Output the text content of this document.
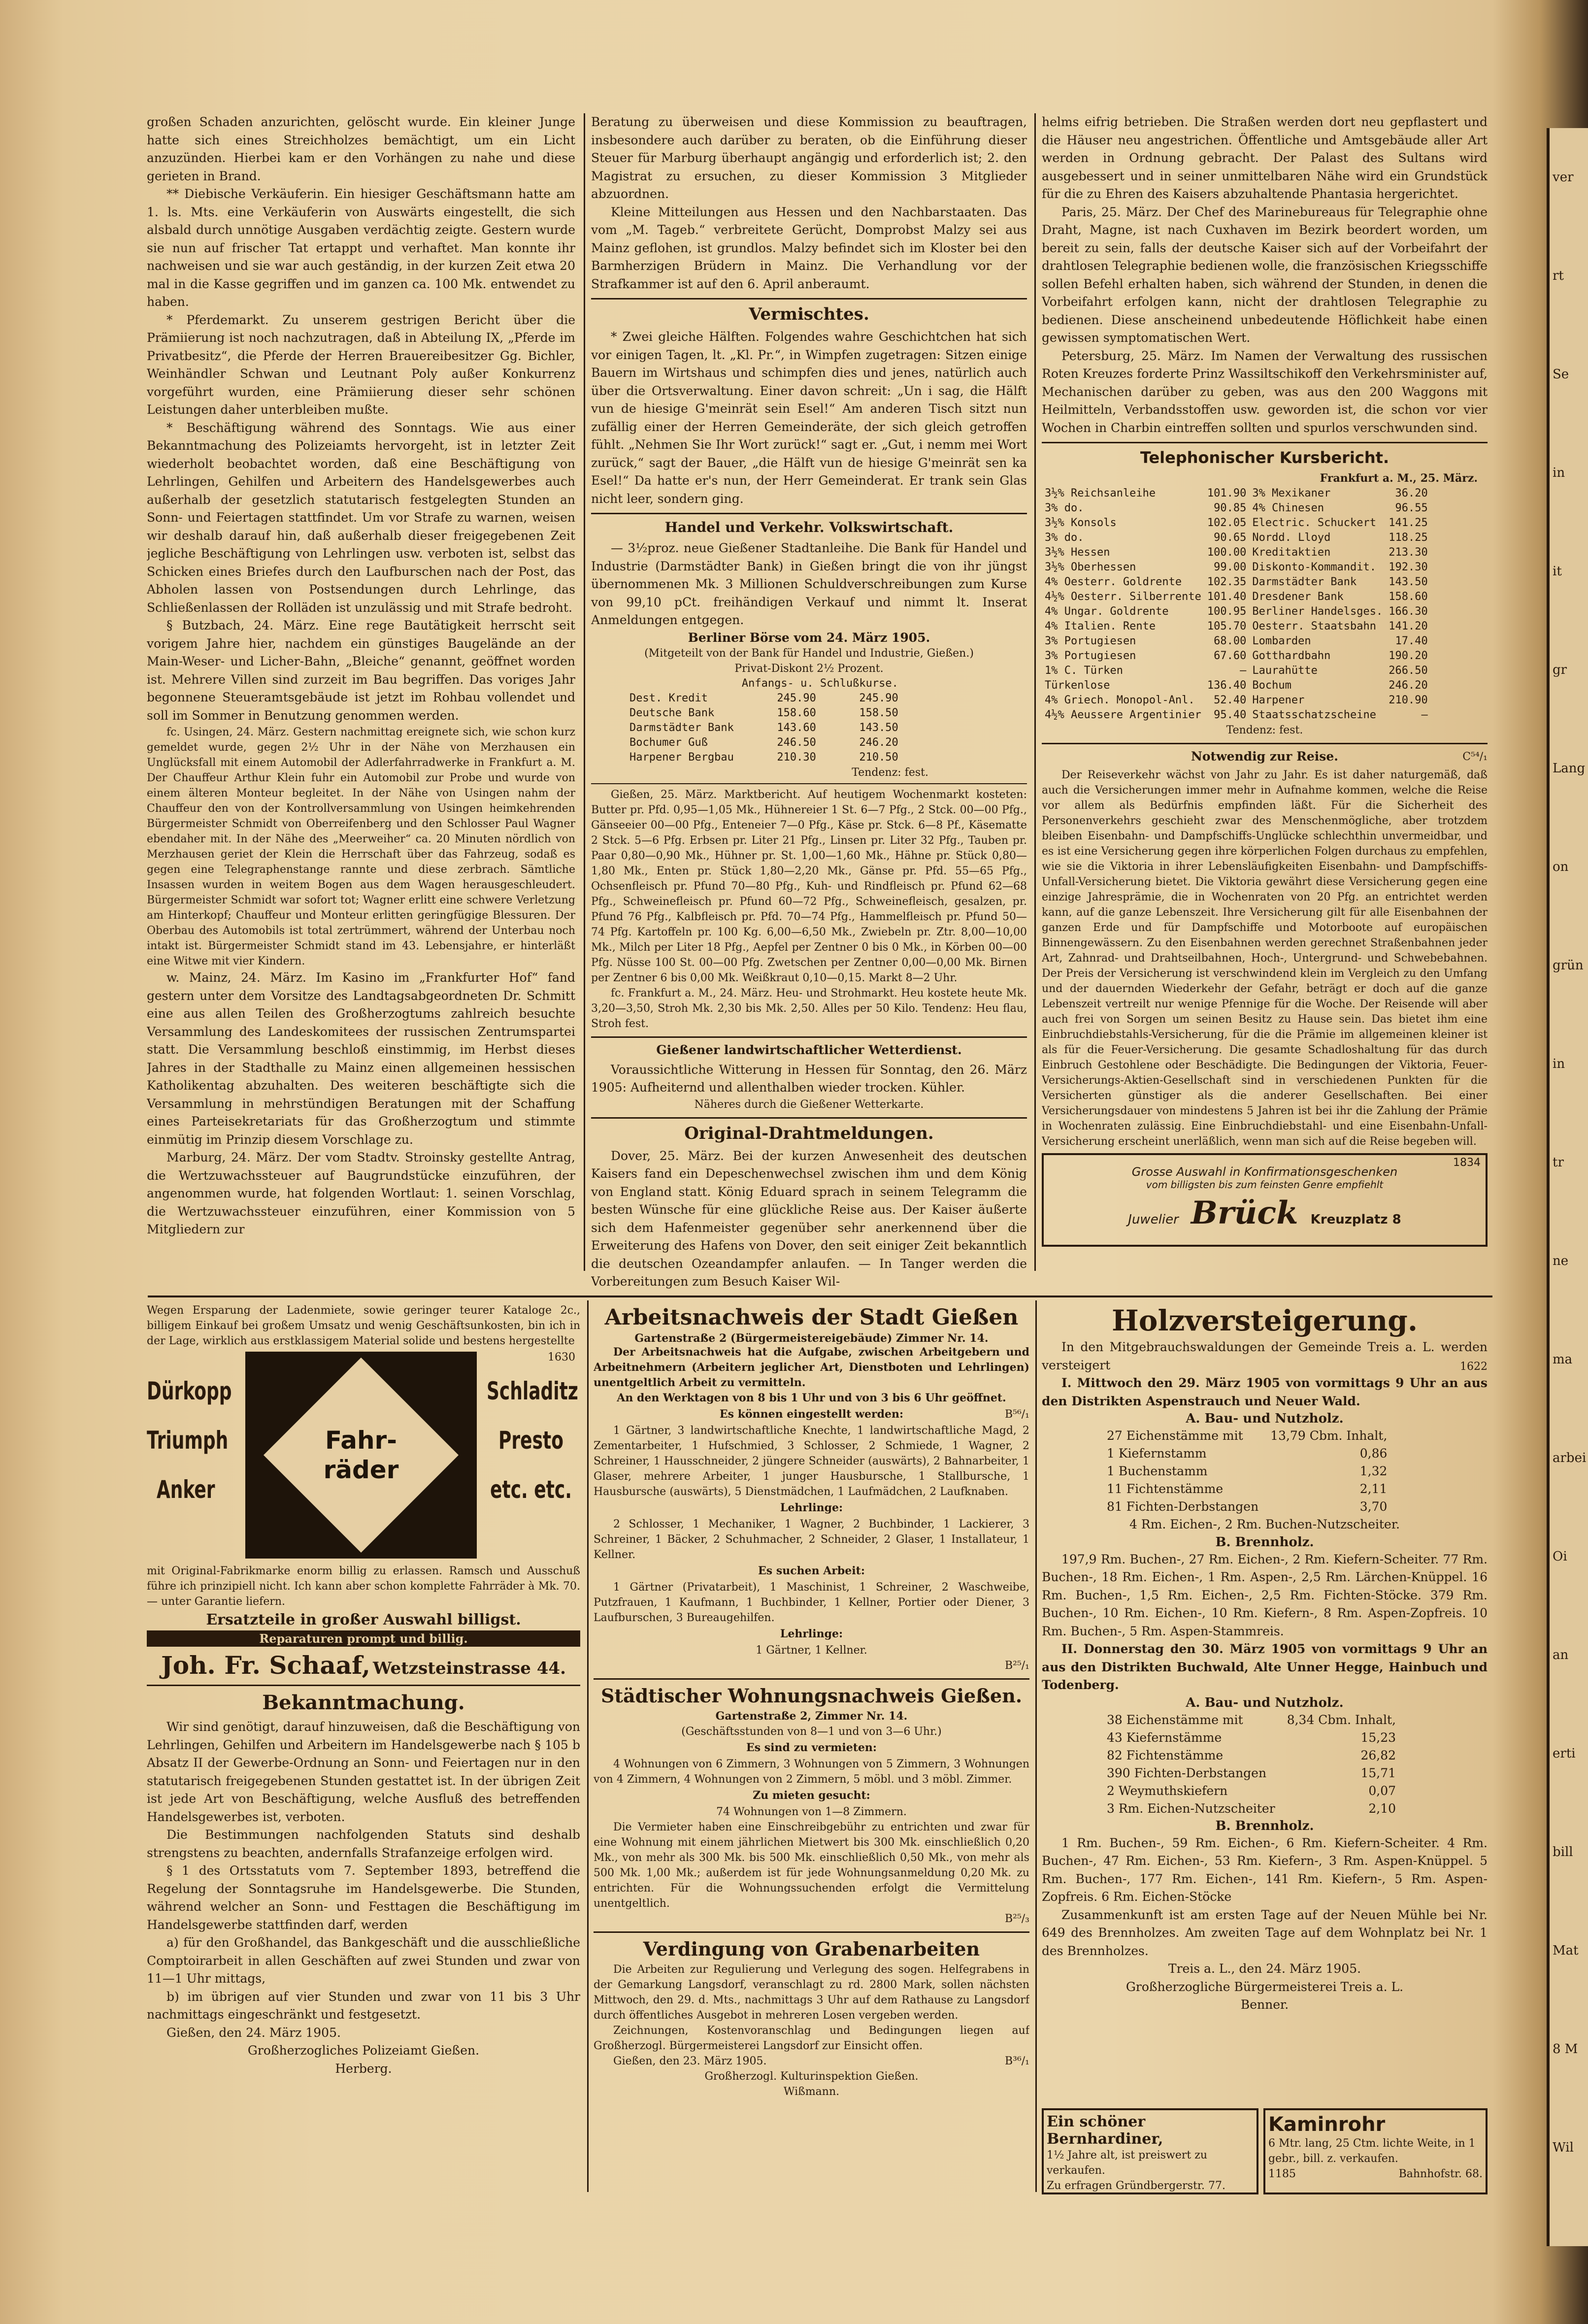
großen Schaden anzurichten, gelöscht wurde. Ein kleiner Junge hatte sich eines Streichholzes bemächtigt, um ein Licht anzuzünden. Hierbei kam er den Vorhängen zu nahe und diese gerieten in Brand.

** Diebische Verkäuferin. Ein hiesiger Geschäftsmann hatte am 1. ls. Mts. eine Verkäuferin von Auswärts eingestellt, die sich alsbald durch unnötige Ausgaben verdächtig zeigte. Gestern wurde sie nun auf frischer Tat ertappt und verhaftet. Man konnte ihr nachweisen und sie war auch geständig, in der kurzen Zeit etwa 20 mal in die Kasse gegriffen und im ganzen ca. 100 Mk. entwendet zu haben.

* Pferdemarkt. Zu unserem gestrigen Bericht über die Prämiierung ist noch nachzutragen, daß in Abteilung IX, „Pferde im Privatbesitz“, die Pferde der Herren Brauereibesitzer Gg. Bichler, Weinhändler Schwan und Leutnant Poly außer Konkurrenz vorgeführt wurden, eine Prämiierung dieser sehr schönen Leistungen daher unterbleiben mußte.

* Beschäftigung während des Sonntags. Wie aus einer Bekanntmachung des Polizeiamts hervorgeht, ist in letzter Zeit wiederholt beobachtet worden, daß eine Beschäftigung von Lehrlingen, Gehilfen und Arbeitern des Handelsgewerbes auch außerhalb der gesetzlich statutarisch festgelegten Stunden an Sonn- und Feiertagen stattfindet. Um vor Strafe zu warnen, weisen wir deshalb darauf hin, daß außerhalb dieser freigegebenen Zeit jegliche Beschäftigung von Lehrlingen usw. verboten ist, selbst das Schicken eines Briefes durch den Laufburschen nach der Post, das Abholen lassen von Postsendungen durch Lehrlinge, das Schließenlassen der Rolläden ist unzulässig und mit Strafe bedroht.

§ Butzbach, 24. März. Eine rege Bautätigkeit herrscht seit vorigem Jahre hier, nachdem ein günstiges Baugelände an der Main-Weser- und Licher-Bahn, „Bleiche“ genannt, geöffnet worden ist. Mehrere Villen sind zurzeit im Bau begriffen. Das voriges Jahr begonnene Steueramtsgebäude ist jetzt im Rohbau vollendet und soll im Sommer in Benutzung genommen werden.

fc. Usingen, 24. März. Gestern nachmittag ereignete sich, wie schon kurz gemeldet wurde, gegen 2½ Uhr in der Nähe von Merzhausen ein Unglücksfall mit einem Automobil der Adlerfahrradwerke in Frankfurt a. M. Der Chauffeur Arthur Klein fuhr ein Automobil zur Probe und wurde von einem älteren Monteur begleitet. In der Nähe von Usingen nahm der Chauffeur den von der Kontrollversammlung von Usingen heimkehrenden Bürgermeister Schmidt von Oberreifenberg und den Schlosser Paul Wagner ebendaher mit. In der Nähe des „Meerweiher“ ca. 20 Minuten nördlich von Merzhausen geriet der Klein die Herrschaft über das Fahrzeug, sodaß es gegen eine Telegraphenstange rannte und diese zerbrach. Sämtliche Insassen wurden in weitem Bogen aus dem Wagen herausgeschleudert. Bürgermeister Schmidt war sofort tot; Wagner erlitt eine schwere Verletzung am Hinterkopf; Chauffeur und Monteur erlitten geringfügige Blessuren. Der Oberbau des Automobils ist total zertrümmert, während der Unterbau noch intakt ist. Bürgermeister Schmidt stand im 43. Lebensjahre, er hinterläßt eine Witwe mit vier Kindern.

w. Mainz, 24. März. Im Kasino im „Frankfurter Hof“ fand gestern unter dem Vorsitze des Landtagsabgeordneten Dr. Schmitt eine aus allen Teilen des Großherzogtums zahlreich besuchte Versammlung des Landeskomitees der russischen Zentrumspartei statt. Die Versammlung beschloß einstimmig, im Herbst dieses Jahres in der Stadthalle zu Mainz einen allgemeinen hessischen Katholikentag abzuhalten. Des weiteren beschäftigte sich die Versammlung in mehrstündigen Beratungen mit der Schaffung eines Parteisekretariats für das Großherzogtum und stimmte einmütig im Prinzip diesem Vorschlage zu.

Marburg, 24. März. Der vom Stadtv. Stroinsky gestellte Antrag, die Wertzuwachssteuer auf Baugrundstücke einzuführen, der angenommen wurde, hat folgenden Wortlaut: 1. seinen Vorschlag, die Wertzuwachssteuer einzuführen, einer Kommission von 5 Mitgliedern zur

Beratung zu überweisen und diese Kommission zu beauftragen, insbesondere auch darüber zu beraten, ob die Einführung dieser Steuer für Marburg überhaupt angängig und erforderlich ist; 2. den Magistrat zu ersuchen, zu dieser Kommission 3 Mitglieder abzuordnen.

Kleine Mitteilungen aus Hessen und den Nachbarstaaten. Das vom „M. Tageb.“ verbreitete Gerücht, Domprobst Malzy sei aus Mainz geflohen, ist grundlos. Malzy befindet sich im Kloster bei den Barmherzigen Brüdern in Mainz. Die Verhandlung vor der Strafkammer ist auf den 6. April anberaumt.

Vermischtes.

* Zwei gleiche Hälften. Folgendes wahre Geschichtchen hat sich vor einigen Tagen, lt. „Kl. Pr.“, in Wimpfen zugetragen: Sitzen einige Bauern im Wirtshaus und schimpfen dies und jenes, natürlich auch über die Ortsverwaltung. Einer davon schreit: „Un i sag, die Hälft vun de hiesige G'meinrät sein Esel!“ Am anderen Tisch sitzt nun zufällig einer der Herren Gemeinderäte, der sich gleich getroffen fühlt. „Nehmen Sie Ihr Wort zurück!“ sagt er. „Gut, i nemm mei Wort zurück,“ sagt der Bauer, „die Hälft vun de hiesige G'meinrät sen ka Esel!“ Da hatte er's nun, der Herr Gemeinderat. Er trank sein Glas nicht leer, sondern ging.

Handel und Verkehr. Volkswirtschaft.

— 3½proz. neue Gießener Stadtanleihe. Die Bank für Handel und Industrie (Darmstädter Bank) in Gießen bringt die von ihr jüngst übernommenen Mk. 3 Millionen Schuldverschreibungen zum Kurse von 99,10 pCt. freihändigen Verkauf und nimmt lt. Inserat Anmeldungen entgegen.

Berliner Börse vom 24. März 1905.
(Mitgeteilt von der Bank für Handel und Industrie, Gießen.)
Privat-Diskont 2½ Prozent.
	Anfangs- u. Schlußkurse.	
Dest. Kredit	245.90	245.90
Deutsche Bank	158.60	158.50
Darmstädter Bank	143.60	143.50
Bochumer Guß	246.50	246.20
Harpener Bergbau	210.30	210.50
Tendenz: fest.

Gießen, 25. März. Marktbericht. Auf heutigem Wochenmarkt kosteten: Butter pr. Pfd. 0,95—1,05 Mk., Hühnereier 1 St. 6—7 Pfg., 2 Stck. 00—00 Pfg., Gänseeier 00—00 Pfg., Enteneier 7—0 Pfg., Käse pr. Stck. 6—8 Pf., Käsematte 2 Stck. 5—6 Pfg. Erbsen pr. Liter 21 Pfg., Linsen pr. Liter 32 Pfg., Tauben pr. Paar 0,80—0,90 Mk., Hühner pr. St. 1,00—1,60 Mk., Hähne pr. Stück 0,80—1,80 Mk., Enten pr. Stück 1,80—2,20 Mk., Gänse pr. Pfd. 55—65 Pfg., Ochsenfleisch pr. Pfund 70—80 Pfg., Kuh- und Rindfleisch pr. Pfund 62—68 Pfg., Schweinefleisch pr. Pfund 60—72 Pfg., Schweinefleisch, gesalzen, pr. Pfund 76 Pfg., Kalbfleisch pr. Pfd. 70—74 Pfg., Hammelfleisch pr. Pfund 50—74 Pfg. Kartoffeln pr. 100 Kg. 6,00—6,50 Mk., Zwiebeln pr. Ztr. 8,00—10,00 Mk., Milch per Liter 18 Pfg., Aepfel per Zentner 0 bis 0 Mk., in Körben 00—00 Pfg. Nüsse 100 St. 00—00 Pfg. Zwetschen per Zentner 0,00—0,00 Mk. Birnen per Zentner 6 bis 0,00 Mk. Weißkraut 0,10—0,15. Markt 8—2 Uhr.

fc. Frankfurt a. M., 24. März. Heu- und Strohmarkt. Heu kostete heute Mk. 3,20—3,50, Stroh Mk. 2,30 bis Mk. 2,50. Alles per 50 Kilo. Tendenz: Heu flau, Stroh fest.

Gießener landwirtschaftlicher Wetterdienst.

Voraussichtliche Witterung in Hessen für Sonntag, den 26. März 1905: Aufheiternd und allenthalben wieder trocken. Kühler.

Näheres durch die Gießener Wetterkarte.
Original-Drahtmeldungen.

Dover, 25. März. Bei der kurzen Anwesenheit des deutschen Kaisers fand ein Depeschenwechsel zwischen ihm und dem König von England statt. König Eduard sprach in seinem Telegramm die besten Wünsche für eine glückliche Reise aus. Der Kaiser äußerte sich dem Hafenmeister gegenüber sehr anerkennend über die Erweiterung des Hafens von Dover, den seit einiger Zeit bekanntlich die deutschen Ozeandampfer anlaufen. — In Tanger werden die Vorbereitungen zum Besuch Kaiser Wil-

helms eifrig betrieben. Die Straßen werden dort neu gepflastert und die Häuser neu angestrichen. Öffentliche und Amtsgebäude aller Art werden in Ordnung gebracht. Der Palast des Sultans wird ausgebessert und in seiner unmittelbaren Nähe wird ein Grundstück für die zu Ehren des Kaisers abzuhaltende Phantasia hergerichtet.

Paris, 25. März. Der Chef des Marinebureaus für Telegraphie ohne Draht, Magne, ist nach Cuxhaven im Bezirk beordert worden, um bereit zu sein, falls der deutsche Kaiser sich auf der Vorbeifahrt der drahtlosen Telegraphie bedienen wolle, die französischen Kriegsschiffe sollen Befehl erhalten haben, sich während der Stunden, in denen die Vorbeifahrt erfolgen kann, nicht der drahtlosen Telegraphie zu bedienen. Diese anscheinend unbedeutende Höflichkeit habe einen gewissen symptomatischen Wert.

Petersburg, 25. März. Im Namen der Verwaltung des russischen Roten Kreuzes forderte Prinz Wassiltschikoff den Verkehrsminister auf, Mechanischen darüber zu geben, was aus den 200 Waggons mit Heilmitteln, Verbandsstoffen usw. geworden ist, die schon vor vier Wochen in Charbin eintreffen sollten und spurlos verschwunden sind.

Telephonischer Kursbericht.
Frankfurt a. M., 25. März.
3½% Reichsanleihe	101.90	3% Mexikaner	36.20
3% do.	90.85	4% Chinesen	96.55
3½% Konsols	102.05	Electric. Schuckert	141.25
3% do.	90.65	Nordd. Lloyd	118.25
3½% Hessen	100.00	Kreditaktien	213.30
3½% Oberhessen	99.00	Diskonto-Kommandit.	192.30
4% Oesterr. Goldrente	102.35	Darmstädter Bank	143.50
4½% Oesterr. Silberrente	101.40	Dresdener Bank	158.60
4% Ungar. Goldrente	100.95	Berliner Handelsges.	166.30
4% Italien. Rente	105.70	Oesterr. Staatsbahn	141.20
3% Portugiesen	68.00	Lombarden	17.40
3% Portugiesen	67.60	Gotthardbahn	190.20
1% C. Türken	—	Laurahütte	266.50
Türkenlose	136.40	Bochum	246.20
4% Griech. Monopol-Anl.	52.40	Harpener	210.90
4½% Aeussere Argentinier	95.40	Staatsschatzscheine	—
Tendenz: fest.
Notwendig zur Reise.	C⁵⁴/₁

Der Reiseverkehr wächst von Jahr zu Jahr. Es ist daher naturgemäß, daß auch die Versicherungen immer mehr in Aufnahme kommen, welche die Reise vor allem als Bedürfnis empfinden läßt. Für die Sicherheit des Personenverkehrs geschieht zwar des Menschenmögliche, aber trotzdem bleiben Eisenbahn- und Dampfschiffs-Unglücke schlechthin unvermeidbar, und es ist eine Versicherung gegen ihre körperlichen Folgen durchaus zu empfehlen, wie sie die Viktoria in ihrer Lebensläufigkeiten Eisenbahn- und Dampfschiffs-Unfall-Versicherung bietet. Die Viktoria gewährt diese Versicherung gegen eine einzige Jahresprämie, die in Wochenraten von 20 Pfg. an entrichtet werden kann, auf die ganze Lebenszeit. Ihre Versicherung gilt für alle Eisenbahnen der ganzen Erde und für Dampfschiffe und Motorboote auf europäischen Binnengewässern. Zu den Eisenbahnen werden gerechnet Straßenbahnen jeder Art, Zahnrad- und Drahtseilbahnen, Hoch-, Untergrund- und Schwebebahnen. Der Preis der Versicherung ist verschwindend klein im Vergleich zu den Umfang und der dauernden Wiederkehr der Gefahr, beträgt er doch auf die ganze Lebenszeit vertreilt nur wenige Pfennige für die Woche. Der Reisende will aber auch frei von Sorgen um seinen Besitz zu Hause sein. Das bietet ihm eine Einbruchdiebstahls-Versicherung, für die die Prämie im allgemeinen kleiner ist als für die Feuer-Versicherung. Die gesamte Schadloshaltung für das durch Einbruch Gestohlene oder Beschädigte. Die Bedingungen der Viktoria, Feuer-Versicherungs-Aktien-Gesellschaft sind in verschiedenen Punkten für die Versicherten günstiger als die anderer Gesellschaften. Bei einer Versicherungsdauer von mindestens 5 Jahren ist bei ihr die Zahlung der Prämie in Wochenraten zulässig. Eine Einbruchdiebstahl- und eine Eisenbahn-Unfall-Versicherung erscheint unerläßlich, wenn man sich auf die Reise begeben will.

1834
Grosse Auswahl in Konfirmationsgeschenken
vom billigsten bis zum feinsten Genre empfiehlt
Juwelier Brück Kreuzplatz 8

Wegen Ersparung der Ladenmiete, sowie geringer teurer Kataloge 2c., billigem Einkauf bei großem Umsatz und wenig Geschäftsunkosten, bin ich in der Lage, wirklich aus erstklassigem Material solide und bestens hergestellte

1630
Dürkopp
Triumph
Anker
Fahr-räder
Schladitz
Presto
etc. etc.

mit Original-Fabrikmarke enorm billig zu erlassen. Ramsch und Ausschuß führe ich prinzipiell nicht. Ich kann aber schon komplette Fahrräder à Mk. 70.— unter Garantie liefern.

Ersatzteile in großer Auswahl billigst.
Reparaturen prompt und billig.
Joh. Fr. Schaaf, Wetzsteinstrasse 44.
Bekanntmachung.

Wir sind genötigt, darauf hinzuweisen, daß die Beschäftigung von Lehrlingen, Gehilfen und Arbeitern im Handelsgewerbe nach § 105 b Absatz II der Gewerbe-Ordnung an Sonn- und Feiertagen nur in den statutarisch freigegebenen Stunden gestattet ist. In der übrigen Zeit ist jede Art von Beschäftigung, welche Ausfluß des betreffenden Handelsgewerbes ist, verboten.

Die Bestimmungen nachfolgenden Statuts sind deshalb strengstens zu beachten, andernfalls Strafanzeige erfolgen wird.

§ 1 des Ortsstatuts vom 7. September 1893, betreffend die Regelung der Sonntagsruhe im Handelsgewerbe. Die Stunden, während welcher an Sonn- und Festtagen die Beschäftigung im Handelsgewerbe stattfinden darf, werden

a) für den Großhandel, das Bankgeschäft und die ausschließliche Comptoirarbeit in allen Geschäften auf zwei Stunden und zwar von 11—1 Uhr mittags,

b) im übrigen auf vier Stunden und zwar von 11 bis 3 Uhr nachmittags eingeschränkt und festgesetzt.

Gießen, den 24. März 1905.

Großherzogliches Polizeiamt Gießen.

Herberg.

Arbeitsnachweis der Stadt Gießen
Gartenstraße 2 (Bürgermeistereigebäude) Zimmer Nr. 14.

Der Arbeitsnachweis hat die Aufgabe, zwischen Arbeitgebern und Arbeitnehmern (Arbeitern jeglicher Art, Dienstboten und Lehrlingen) unentgeltlich Arbeit zu vermitteln.

An den Werktagen von 8 bis 1 Uhr und von 3 bis 6 Uhr geöffnet.

Es können eingestellt werden:	B⁵⁶/₁

1 Gärtner, 3 landwirtschaftliche Knechte, 1 landwirtschaftliche Magd, 2 Zementarbeiter, 1 Hufschmied, 3 Schlosser, 2 Schmiede, 1 Wagner, 2 Schreiner, 1 Hausschneider, 2 jüngere Schneider (auswärts), 2 Bahnarbeiter, 1 Glaser, mehrere Arbeiter, 1 junger Hausbursche, 1 Stallbursche, 1 Hausbursche (auswärts), 5 Dienstmädchen, 1 Laufmädchen, 2 Laufknaben.

Lehrlinge:

2 Schlosser, 1 Mechaniker, 1 Wagner, 2 Buchbinder, 1 Lackierer, 3 Schreiner, 1 Bäcker, 2 Schuhmacher, 2 Schneider, 2 Glaser, 1 Installateur, 1 Kellner.

Es suchen Arbeit:

1 Gärtner (Privatarbeit), 1 Maschinist, 1 Schreiner, 2 Waschweibe, Putzfrauen, 1 Kaufmann, 1 Buchbinder, 1 Kellner, Portier oder Diener, 3 Laufburschen, 3 Bureaugehilfen.

Lehrlinge:

1 Gärtner, 1 Kellner.

B²⁵/₁
Städtischer Wohnungsnachweis Gießen.
Gartenstraße 2, Zimmer Nr. 14.
(Geschäftsstunden von 8—1 und von 3—6 Uhr.)
Es sind zu vermieten:

4 Wohnungen von 6 Zimmern, 3 Wohnungen von 5 Zimmern, 3 Wohnungen von 4 Zimmern, 4 Wohnungen von 2 Zimmern, 5 möbl. und 3 möbl. Zimmer.

Zu mieten gesucht:

74 Wohnungen von 1—8 Zimmern.

Die Vermieter haben eine Einschreibgebühr zu entrichten und zwar für eine Wohnung mit einem jährlichen Mietwert bis 300 Mk. einschließlich 0,20 Mk., von mehr als 300 Mk. bis 500 Mk. einschließlich 0,50 Mk., von mehr als 500 Mk. 1,00 Mk.; außerdem ist für jede Wohnungsanmeldung 0,20 Mk. zu entrichten. Für die Wohnungssuchenden erfolgt die Vermittelung unentgeltlich.

B²⁵/₃
Verdingung von Grabenarbeiten

Die Arbeiten zur Regulierung und Verlegung des sogen. Helfegrabens in der Gemarkung Langsdorf, veranschlagt zu rd. 2800 Mark, sollen nächsten Mittwoch, den 29. d. Mts., nachmittags 3 Uhr auf dem Rathause zu Langsdorf durch öffentliches Ausgebot in mehreren Losen vergeben werden.

Zeichnungen, Kostenvoranschlag und Bedingungen liegen auf Großherzogl. Bürgermeisterei Langsdorf zur Einsicht offen.

Gießen, den 23. März 1905.	B³⁶/₁

Großherzogl. Kulturinspektion Gießen.

Wißmann.

Holzversteigerung.

In den Mitgebrauchswaldungen der Gemeinde Treis a. L. werden versteigert	1622

I. Mittwoch den 29. März 1905 von vormittags 9 Uhr an aus den Distrikten Aspenstrauch und Neuer Wald.

A. Bau- und Nutzholz.
27 Eichenstämme mit	13,79 Cbm. Inhalt,
1 Kiefernstamm	0,86
1 Buchenstamm	1,32
11 Fichtenstämme	2,11
81 Fichten-Derbstangen	3,70

4 Rm. Eichen-, 2 Rm. Buchen-Nutzscheiter.

B. Brennholz.

197,9 Rm. Buchen-, 27 Rm. Eichen-, 2 Rm. Kiefern-Scheiter. 77 Rm. Buchen-, 18 Rm. Eichen-, 1 Rm. Aspen-, 2,5 Rm. Lärchen-Knüppel. 16 Rm. Buchen-, 1,5 Rm. Eichen-, 2,5 Rm. Fichten-Stöcke. 379 Rm. Buchen-, 10 Rm. Eichen-, 10 Rm. Kiefern-, 8 Rm. Aspen-Zopfreis. 10 Rm. Buchen-, 5 Rm. Aspen-Stammreis.

II. Donnerstag den 30. März 1905 von vormittags 9 Uhr an aus den Distrikten Buchwald, Alte Unner Hegge, Hainbuch und Todenberg.

A. Bau- und Nutzholz.
38 Eichenstämme mit	8,34 Cbm. Inhalt,
43 Kiefernstämme	15,23
82 Fichtenstämme	26,82
390 Fichten-Derbstangen	15,71
2 Weymuthskiefern	0,07
3 Rm. Eichen-Nutzscheiter	2,10
B. Brennholz.

1 Rm. Buchen-, 59 Rm. Eichen-, 6 Rm. Kiefern-Scheiter. 4 Rm. Buchen-, 47 Rm. Eichen-, 53 Rm. Kiefern-, 3 Rm. Aspen-Knüppel. 5 Rm. Buchen-, 177 Rm. Eichen-, 141 Rm. Kiefern-, 5 Rm. Aspen-Zopfreis. 6 Rm. Eichen-Stöcke

Zusammenkunft ist am ersten Tage auf der Neuen Mühle bei Nr. 649 des Brennholzes. Am zweiten Tage auf dem Wohnplatz bei Nr. 1 des Brennholzes.

Treis a. L., den 24. März 1905.

Großherzogliche Bürgermeisterei Treis a. L.

Benner.

Ein schöner Bernhardiner,
1½ Jahre alt, ist preiswert zu verkaufen.
Zu erfragen Gründbergerstr. 77.
Kaminrohr
6 Mtr. lang, 25 Ctm. lichte Weite, in 1 gebr., bill. z. verkaufen.
1185	Bahnhofstr. 68.
ver
rt
Se
in
it
gr
Lang
on
grün
in
tr
ne
ma
arbei
Oi
an
erti
bill
Mat
8 M
Wil
